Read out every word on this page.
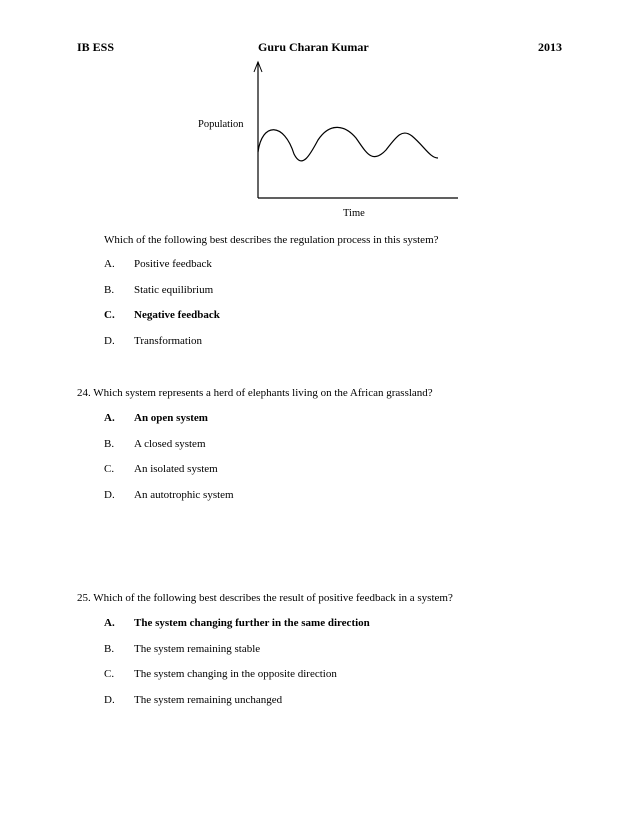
IB ESS	Guru Charan Kumar	2013
Population
Time
Which of the following best describes the regulation process in this system?
A. Positive feedback
B. Static equilibrium
C. Negative feedback
D. Transformation
24. Which system represents a herd of elephants living on the African grassland?
A. An open system
B. A closed system
C. An isolated system
D. An autotrophic system
25. Which of the following best describes the result of positive feedback in a system?
A. The system changing further in the same direction
B. The system remaining stable
C. The system changing in the opposite direction
D. The system remaining unchanged
